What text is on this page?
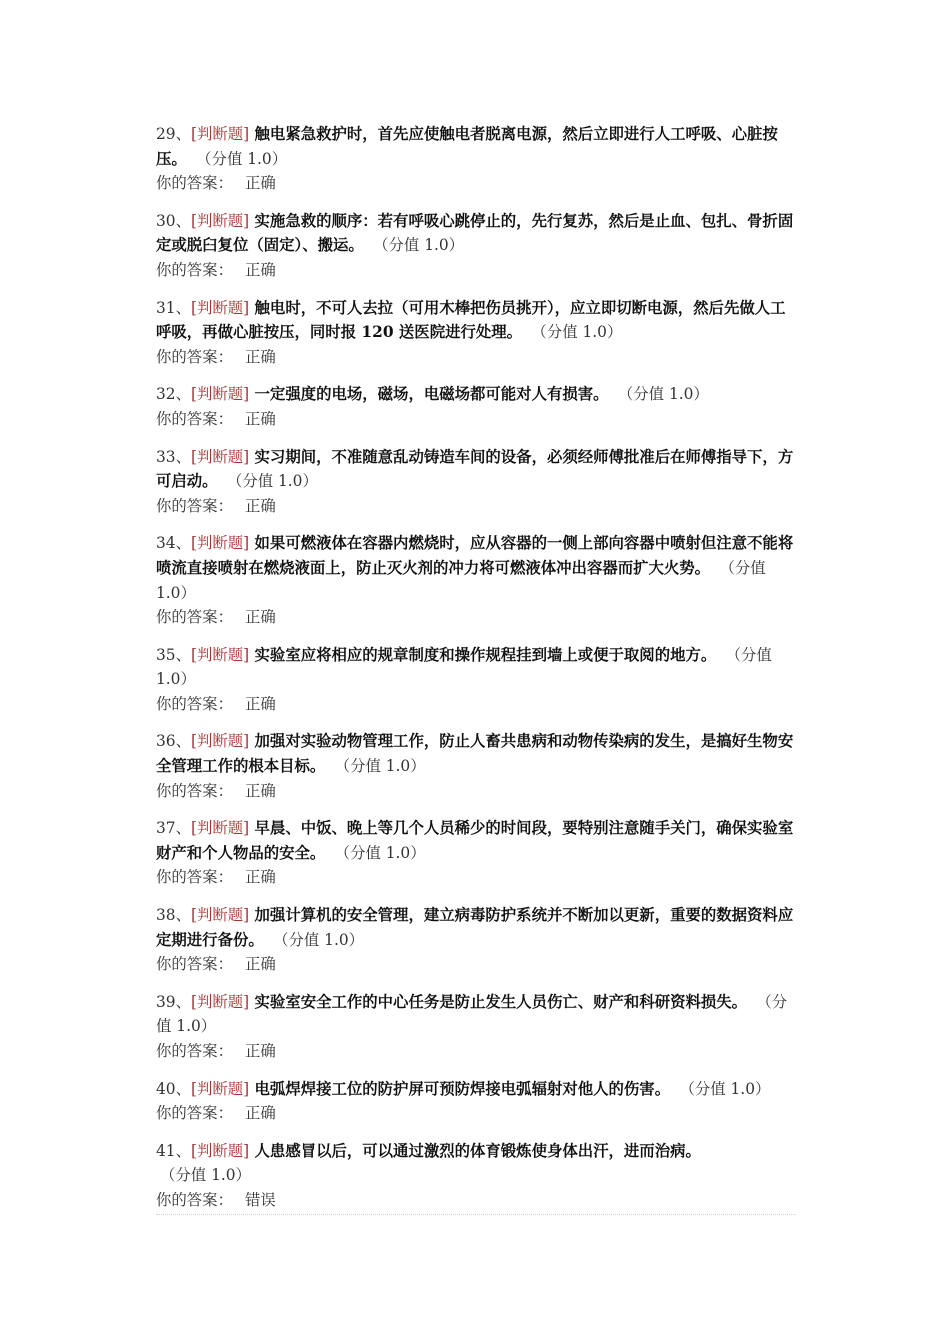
29、[判断题] 触电紧急救护时，首先应使触电者脱离电源，然后立即进行人工呼吸、心脏按压。 （分值 1.0）
你的答案： 正确
30、[判断题] 实施急救的顺序：若有呼吸心跳停止的，先行复苏，然后是止血、包扎、骨折固定或脱臼复位（固定）、搬运。 （分值 1.0）
你的答案： 正确
31、[判断题] 触电时，不可人去拉（可用木棒把伤员挑开），应立即切断电源，然后先做人工呼吸，再做心脏按压，同时报 120 送医院进行处理。 （分值 1.0）
你的答案： 正确
32、[判断题] 一定强度的电场，磁场，电磁场都可能对人有损害。 （分值 1.0）
你的答案： 正确
33、[判断题] 实习期间，不准随意乱动铸造车间的设备，必须经师傅批准后在师傅指导下，方可启动。 （分值 1.0）
你的答案： 正确
34、[判断题] 如果可燃液体在容器内燃烧时，应从容器的一侧上部向容器中喷射但注意不能将喷流直接喷射在燃烧液面上，防止灭火剂的冲力将可燃液体冲出容器而扩大火势。 （分值 1.0）
你的答案： 正确
35、[判断题] 实验室应将相应的规章制度和操作规程挂到墙上或便于取阅的地方。 （分值 1.0）
你的答案： 正确
36、[判断题] 加强对实验动物管理工作，防止人畜共患病和动物传染病的发生，是搞好生物安全管理工作的根本目标。 （分值 1.0）
你的答案： 正确
37、[判断题] 早晨、中饭、晚上等几个人员稀少的时间段，要特别注意随手关门，确保实验室财产和个人物品的安全。 （分值 1.0）
你的答案： 正确
38、[判断题] 加强计算机的安全管理，建立病毒防护系统并不断加以更新，重要的数据资料应定期进行备份。 （分值 1.0）
你的答案： 正确
39、[判断题] 实验室安全工作的中心任务是防止发生人员伤亡、财产和科研资料损失。 （分值 1.0）
你的答案： 正确
40、[判断题] 电弧焊焊接工位的防护屏可预防焊接电弧辐射对他人的伤害。 （分值 1.0）
你的答案： 正确
41、[判断题] 人患感冒以后，可以通过激烈的体育锻炼使身体出汗，进而治病。 （分值 1.0）
你的答案： 错误
